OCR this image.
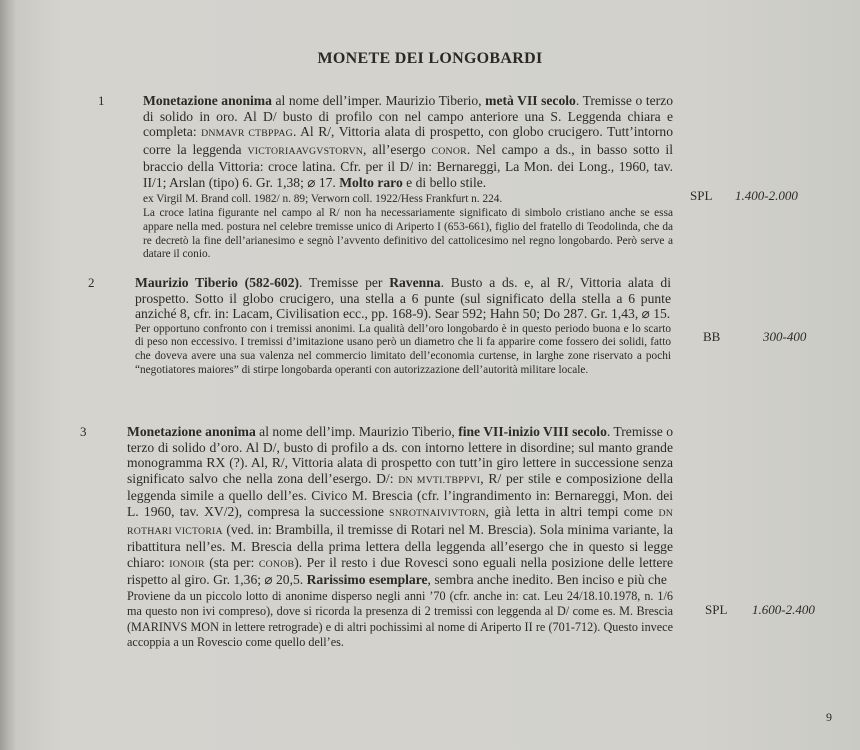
MONETE DEI LONGOBARDI
1	Monetazione anonima al nome dell’imper. Maurizio Tiberio, metà VII secolo. Tremisse o terzo di solido in oro. Al D/ busto di profilo con nel campo anteriore una S. Leggenda chiara e completa: DNMAVR CTBPPAG. Al R/, Vittoria alata di prospetto, con globo crucigero. Tutt’intorno corre la leggenda VICTORIAAVGVSTORVN, all’esergo CONOR. Nel campo a ds., in basso sotto il braccio della Vittoria: croce latina. Cfr. per il D/ in: Bernareggi, La Mon. dei Long., 1960, tav. II/1; Arslan (tipo) 6. Gr. 1,38; ⌀ 17. Molto raro e di bello stile.

ex Virgil M. Brand coll. 1982/ n. 89; Verworn coll. 1922/Hess Frankfurt n. 224.

La croce latina figurante nel campo al R/ non ha necessariamente significato di simbolo cristiano anche se essa appare nella med. postura nel celebre tremisse unico di Ariperto I (653-661), figlio del fratello di Teodolinda, che da re decretò la fine dell’arianesimo e segnò l’avvento definitivo del cattolicesimo nel regno longobardo. Però serve a datare il conio.

SPL 1.400-2.000
2	Maurizio Tiberio (582-602). Tremisse per Ravenna. Busto a ds. e, al R/, Vittoria alata di prospetto. Sotto il globo crucigero, una stella a 6 punte (sul significato della stella a 6 punte anziché 8, cfr. in: Lacam, Civilisation ecc., pp. 168-9). Sear 592; Hahn 50; Do 287. Gr. 1,43, ⌀ 15.

Per opportuno confronto con i tremissi anonimi. La qualità dell’oro longobardo è in questo periodo buona e lo scarto di peso non eccessivo. I tremissi d’imitazione usano però un diametro che li fa apparire come fossero dei solidi, fatto che doveva avere una sua valenza nel commercio limitato dell’economia curtense, in larghe zone riservato a pochi “negotiatores maiores” di stirpe longobarda operanti con autorizzazione dell’autorità militare locale.

BB	300-400
3	Monetazione anonima al nome dell’imp. Maurizio Tiberio, fine VII-inizio VIII secolo. Tremisse o terzo di solido d’oro. Al D/, busto di profilo a ds. con intorno lettere in disordine; sul manto grande monogramma RX (?). Al, R/, Vittoria alata di prospetto con tutt’in giro lettere in successione senza significato salvo che nella zona dell’esergo. D/: DN MVTI.TBPPVI, R/ per stile e composizione della leggenda simile a quello dell’es. Civico M. Brescia (cfr. l’ingrandimento in: Bernareggi, Mon. dei L. 1960, tav. XV/2), compresa la successione SNROTNAIVIVTORN, già letta in altri tempi come DN ROTHARI VICTORIA (ved. in: Brambilla, il tremisse di Rotari nel M. Brescia). Sola minima variante, la ribattitura nell’es. M. Brescia della prima lettera della leggenda all’esergo che in questo si legge chiaro: IONOIR (sta per: CONOB). Per il resto i due Rovesci sono eguali nella posizione delle lettere rispetto al giro. Gr. 1,36; ⌀ 20,5. Rarissimo esemplare, sembra anche inedito. Ben inciso e più che

Proviene da un piccolo lotto di anonime disperso negli anni ’70 (cfr. anche in: cat. Leu 24/18.10.1978, n. 1/6 ma questo non ivi compreso), dove si ricorda la presenza di 2 tremissi con leggenda al D/ come es. M. Brescia (MARINVS MON in lettere retrograde) e di altri pochissimi al nome di Ariperto II re (701-712). Questo invece accoppia a un Rovescio come quello dell’es.

SPL 1.600-2.400
9
